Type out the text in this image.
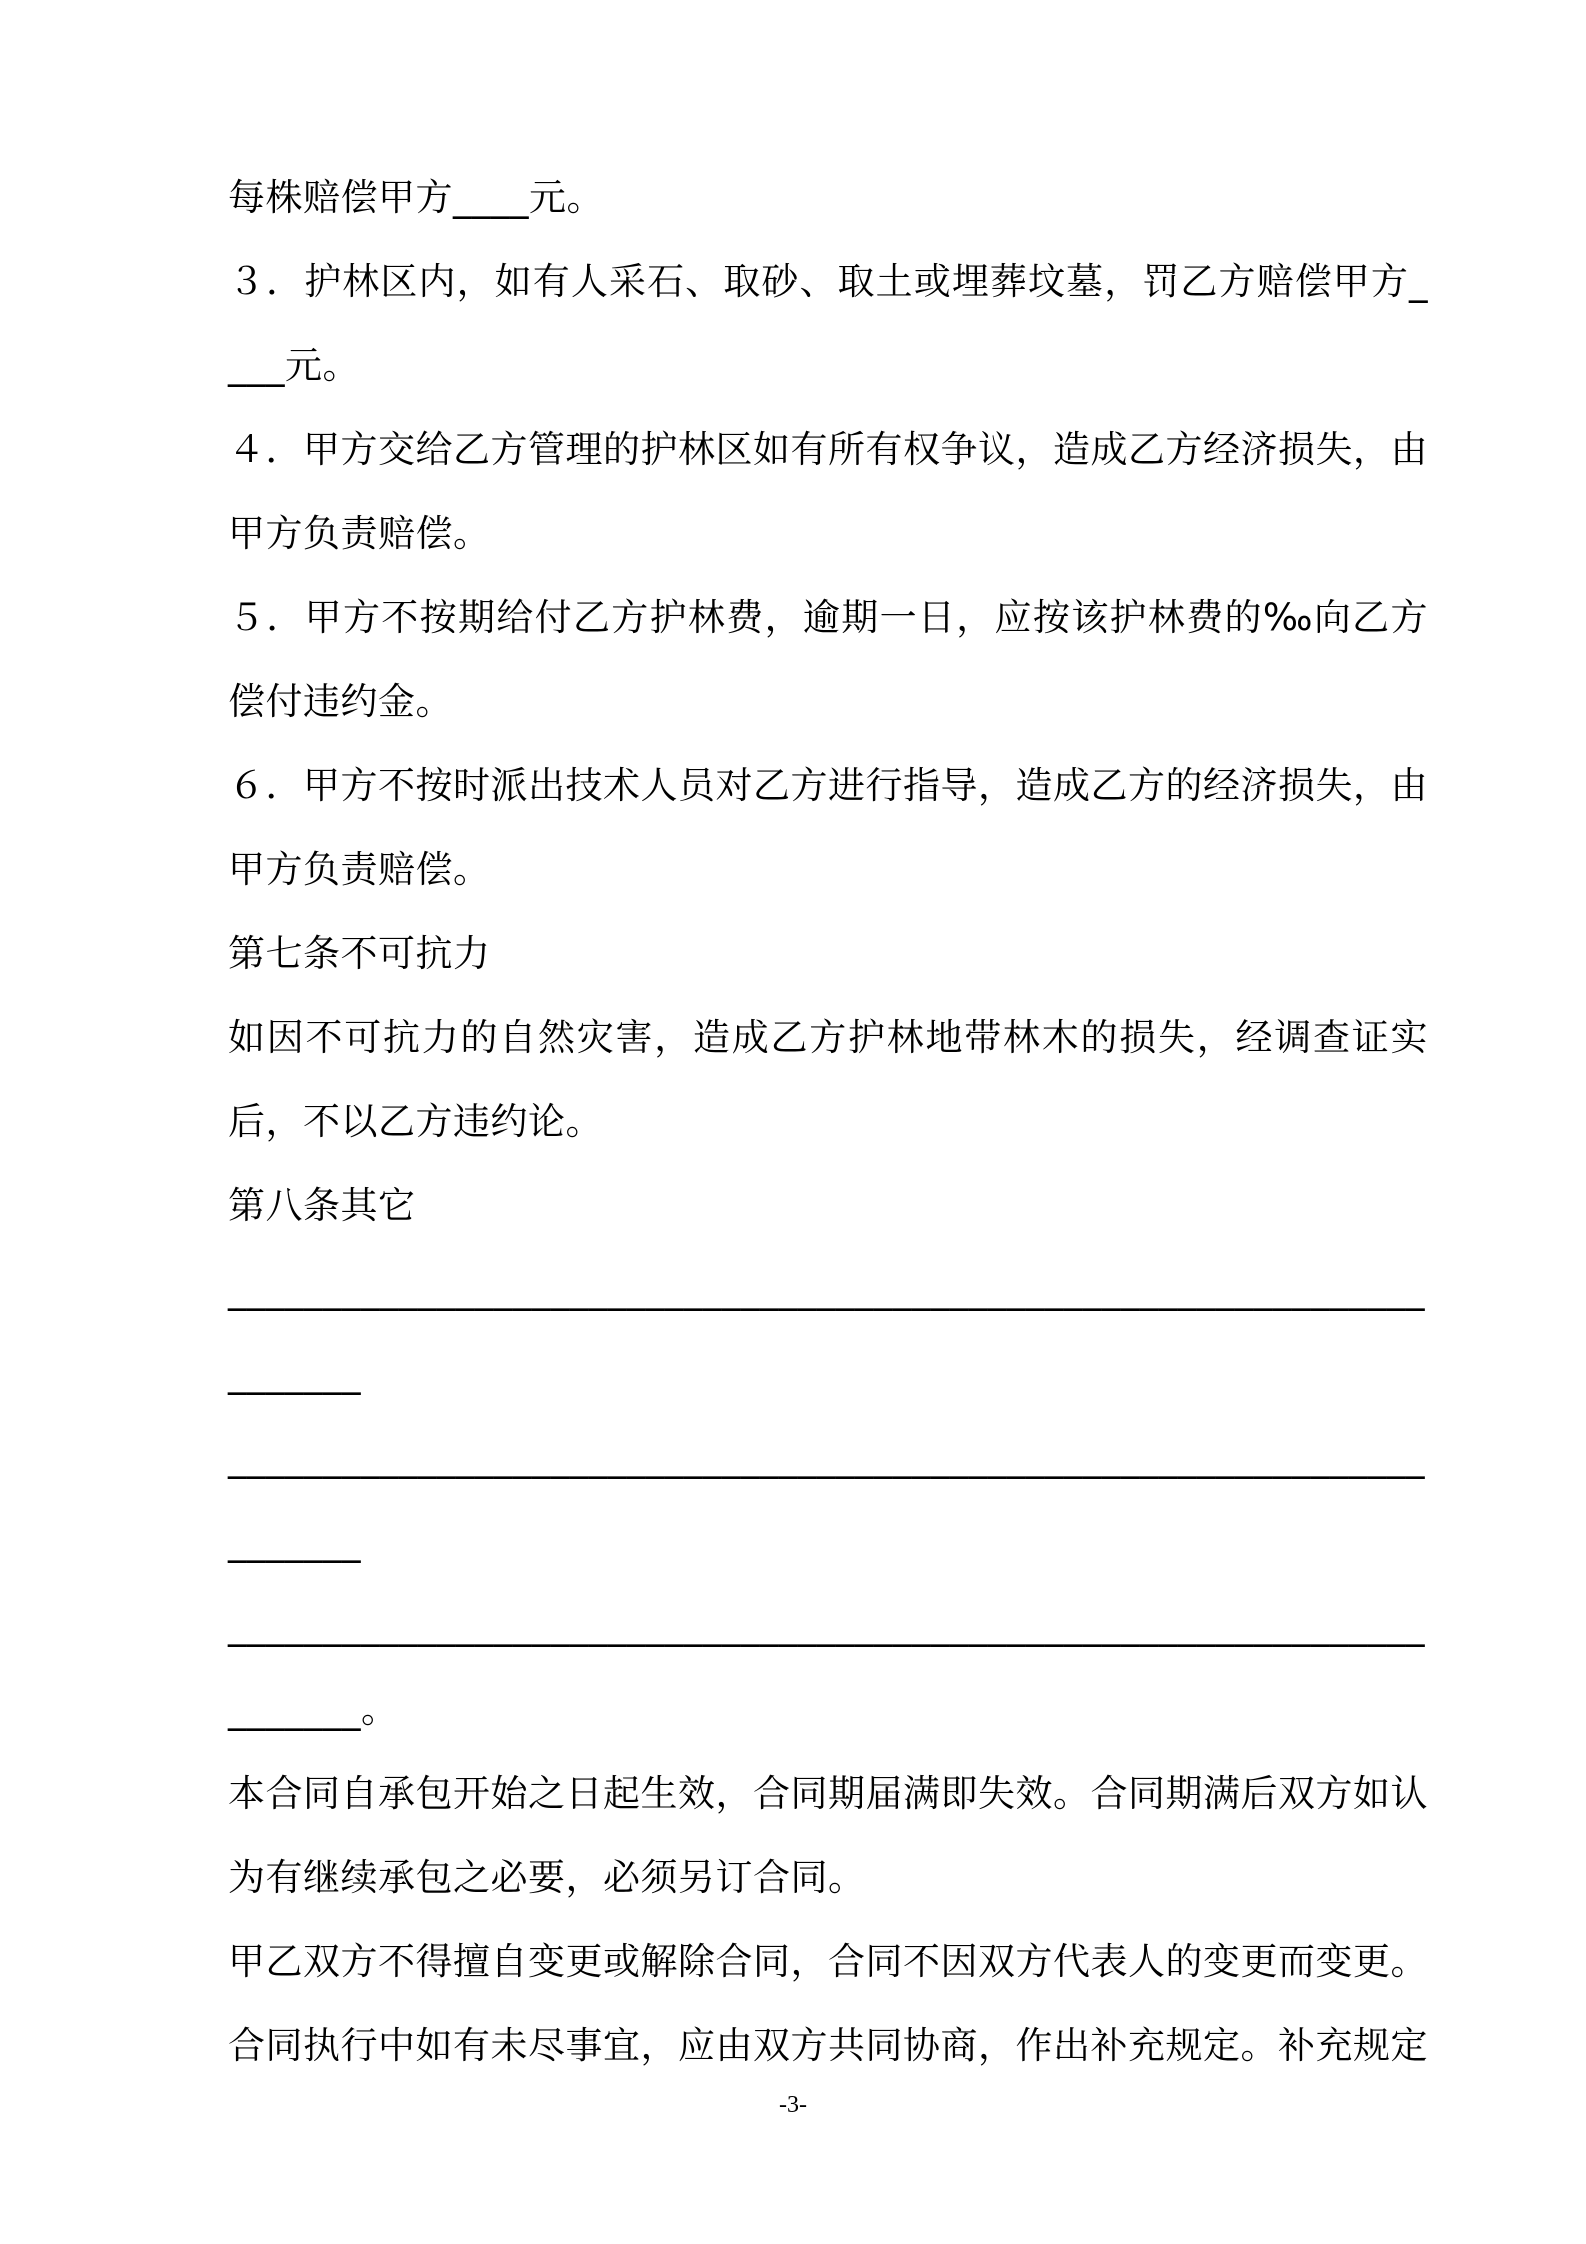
每株赔偿甲方____元。

３．护林区内，如有人采石、取砂、取土或埋葬坟墓，罚乙方赔偿甲方____元。

４．甲方交给乙方管理的护林区如有所有权争议，造成乙方经济损失，由甲方负责赔偿。

５．甲方不按期给付乙方护林费，逾期一日，应按该护林费的‰向乙方偿付违约金。

６．甲方不按时派出技术人员对乙方进行指导，造成乙方的经济损失，由甲方负责赔偿。

第七条不可抗力

如因不可抗力的自然灾害，造成乙方护林地带林木的损失，经调查证实后，不以乙方违约论。

第八条其它

______________________________________________________________________

______________________________________________________________________

______________________________________________________________________。

本合同自承包开始之日起生效，合同期届满即失效。合同期满后双方如认为有继续承包之必要，必须另订合同。

甲乙双方不得擅自变更或解除合同，合同不因双方代表人的变更而变更。

合同执行中如有未尽事宜，应由双方共同协商，作出补充规定。补充规定

-3-
